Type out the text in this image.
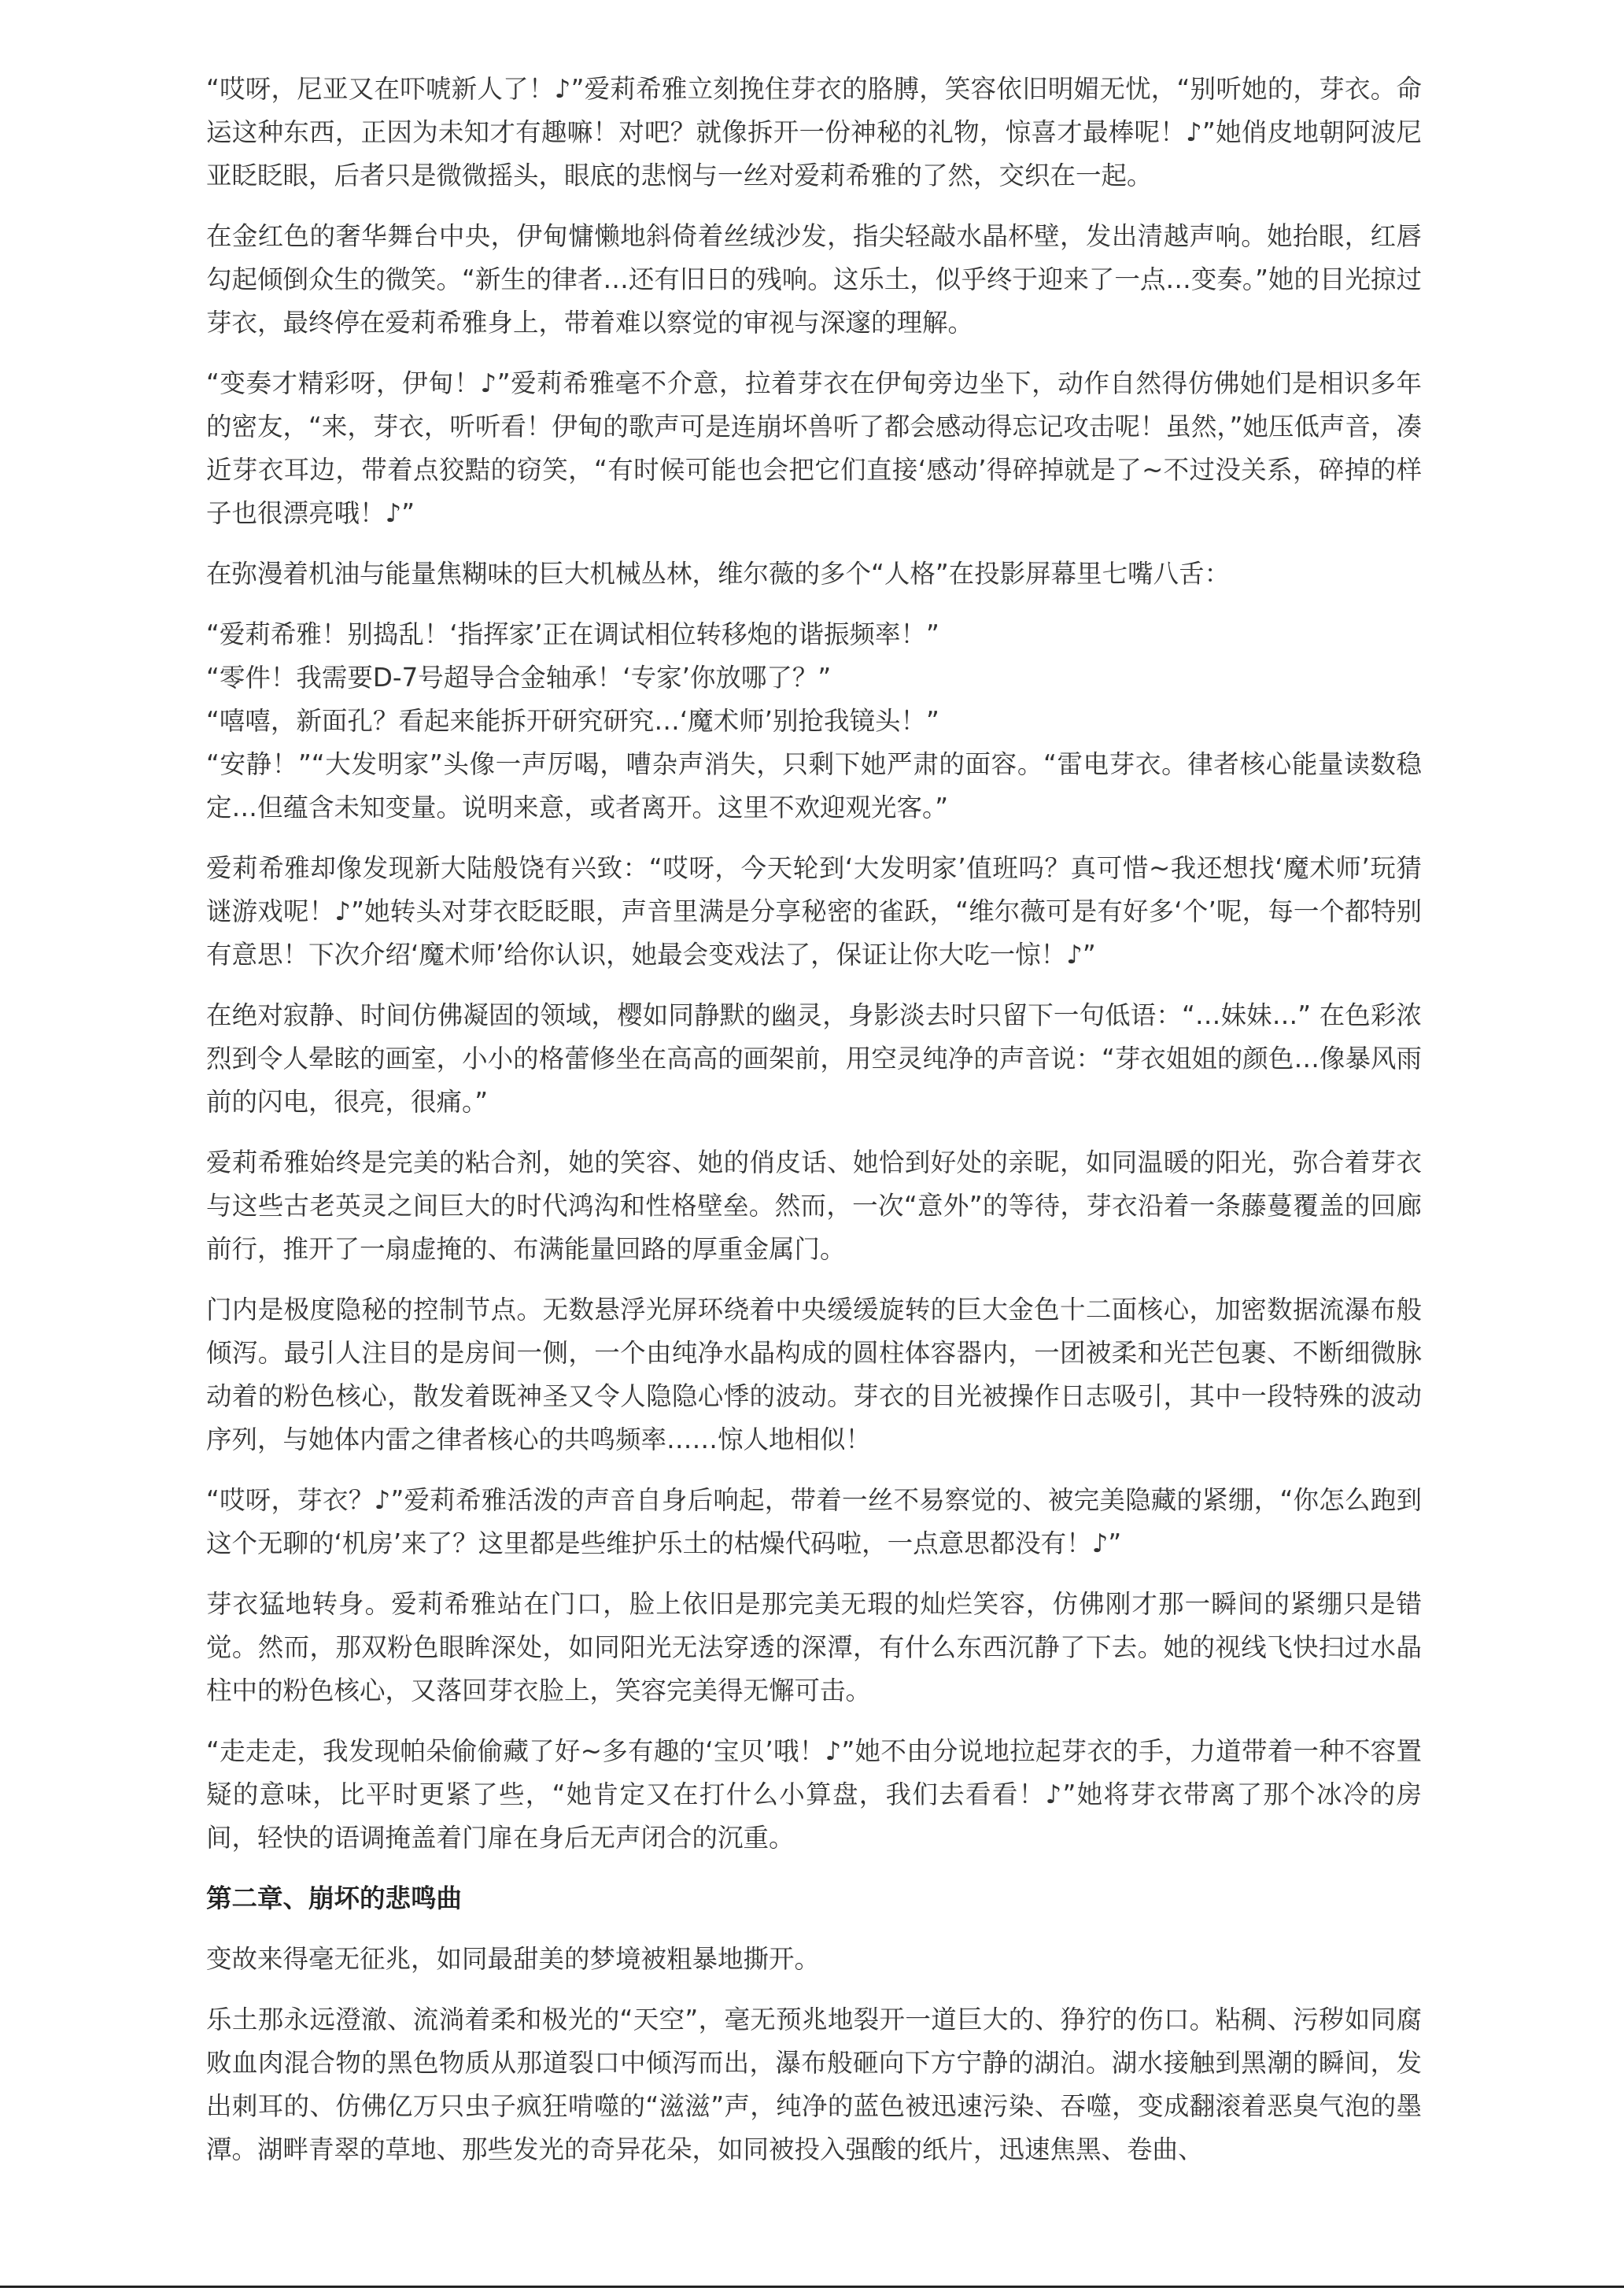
“哎呀，尼亚又在吓唬新人了！♪”爱莉希雅立刻挽住芽衣的胳膊，笑容依旧明媚无忧，“别听她的，芽衣。命运这种东西，正因为未知才有趣嘛！对吧？就像拆开一份神秘的礼物，惊喜才最棒呢！♪”她俏皮地朝阿波尼亚眨眨眼，后者只是微微摇头，眼底的悲悯与一丝对爱莉希雅的了然，交织在一起。

在金红色的奢华舞台中央，伊甸慵懒地斜倚着丝绒沙发，指尖轻敲水晶杯壁，发出清越声响。她抬眼，红唇勾起倾倒众生的微笑。“新生的律者…还有旧日的残响。这乐土，似乎终于迎来了一点…变奏。”她的目光掠过芽衣，最终停在爱莉希雅身上，带着难以察觉的审视与深邃的理解。

“变奏才精彩呀，伊甸！♪”爱莉希雅毫不介意，拉着芽衣在伊甸旁边坐下，动作自然得仿佛她们是相识多年的密友，“来，芽衣，听听看！伊甸的歌声可是连崩坏兽听了都会感动得忘记攻击呢！虽然，”她压低声音，凑近芽衣耳边，带着点狡黠的窃笑，“有时候可能也会把它们直接‘感动’得碎掉就是了~不过没关系，碎掉的样子也很漂亮哦！♪”

在弥漫着机油与能量焦糊味的巨大机械丛林，维尔薇的多个“人格”在投影屏幕里七嘴八舌：

“爱莉希雅！别捣乱！‘指挥家’正在调试相位转移炮的谐振频率！”

“零件！我需要D-7号超导合金轴承！‘专家’你放哪了？”

“嘻嘻，新面孔？看起来能拆开研究研究…‘魔术师’别抢我镜头！”

“安静！”“大发明家”头像一声厉喝，嘈杂声消失，只剩下她严肃的面容。“雷电芽衣。律者核心能量读数稳定…但蕴含未知变量。说明来意，或者离开。这里不欢迎观光客。”

爱莉希雅却像发现新大陆般饶有兴致：“哎呀，今天轮到‘大发明家’值班吗？真可惜~我还想找‘魔术师’玩猜谜游戏呢！♪”她转头对芽衣眨眨眼，声音里满是分享秘密的雀跃，“维尔薇可是有好多‘个’呢，每一个都特别有意思！下次介绍‘魔术师’给你认识，她最会变戏法了，保证让你大吃一惊！♪”

在绝对寂静、时间仿佛凝固的领域，樱如同静默的幽灵，身影淡去时只留下一句低语：“…妹妹…” 在色彩浓烈到令人晕眩的画室，小小的格蕾修坐在高高的画架前，用空灵纯净的声音说：“芽衣姐姐的颜色…像暴风雨前的闪电，很亮，很痛。”

爱莉希雅始终是完美的粘合剂，她的笑容、她的俏皮话、她恰到好处的亲昵，如同温暖的阳光，弥合着芽衣与这些古老英灵之间巨大的时代鸿沟和性格壁垒。然而，一次“意外”的等待，芽衣沿着一条藤蔓覆盖的回廊前行，推开了一扇虚掩的、布满能量回路的厚重金属门。

门内是极度隐秘的控制节点。无数悬浮光屏环绕着中央缓缓旋转的巨大金色十二面核心，加密数据流瀑布般倾泻。最引人注目的是房间一侧，一个由纯净水晶构成的圆柱体容器内，一团被柔和光芒包裹、不断细微脉动着的粉色核心，散发着既神圣又令人隐隐心悸的波动。芽衣的目光被操作日志吸引，其中一段特殊的波动序列，与她体内雷之律者核心的共鸣频率……惊人地相似！

“哎呀，芽衣？♪”爱莉希雅活泼的声音自身后响起，带着一丝不易察觉的、被完美隐藏的紧绷，“你怎么跑到这个无聊的‘机房’来了？这里都是些维护乐土的枯燥代码啦，一点意思都没有！♪”

芽衣猛地转身。爱莉希雅站在门口，脸上依旧是那完美无瑕的灿烂笑容，仿佛刚才那一瞬间的紧绷只是错觉。然而，那双粉色眼眸深处，如同阳光无法穿透的深潭，有什么东西沉静了下去。她的视线飞快扫过水晶柱中的粉色核心，又落回芽衣脸上，笑容完美得无懈可击。

“走走走，我发现帕朵偷偷藏了好~多有趣的‘宝贝’哦！♪”她不由分说地拉起芽衣的手，力道带着一种不容置疑的意味，比平时更紧了些，“她肯定又在打什么小算盘，我们去看看！♪”她将芽衣带离了那个冰冷的房间，轻快的语调掩盖着门扉在身后无声闭合的沉重。

第二章、崩坏的悲鸣曲

变故来得毫无征兆，如同最甜美的梦境被粗暴地撕开。

乐土那永远澄澈、流淌着柔和极光的“天空”，毫无预兆地裂开一道巨大的、狰狞的伤口。粘稠、污秽如同腐败血肉混合物的黑色物质从那道裂口中倾泻而出，瀑布般砸向下方宁静的湖泊。湖水接触到黑潮的瞬间，发出刺耳的、仿佛亿万只虫子疯狂啃噬的“滋滋”声，纯净的蓝色被迅速污染、吞噬，变成翻滚着恶臭气泡的墨潭。湖畔青翠的草地、那些发光的奇异花朵，如同被投入强酸的纸片，迅速焦黑、卷曲、
